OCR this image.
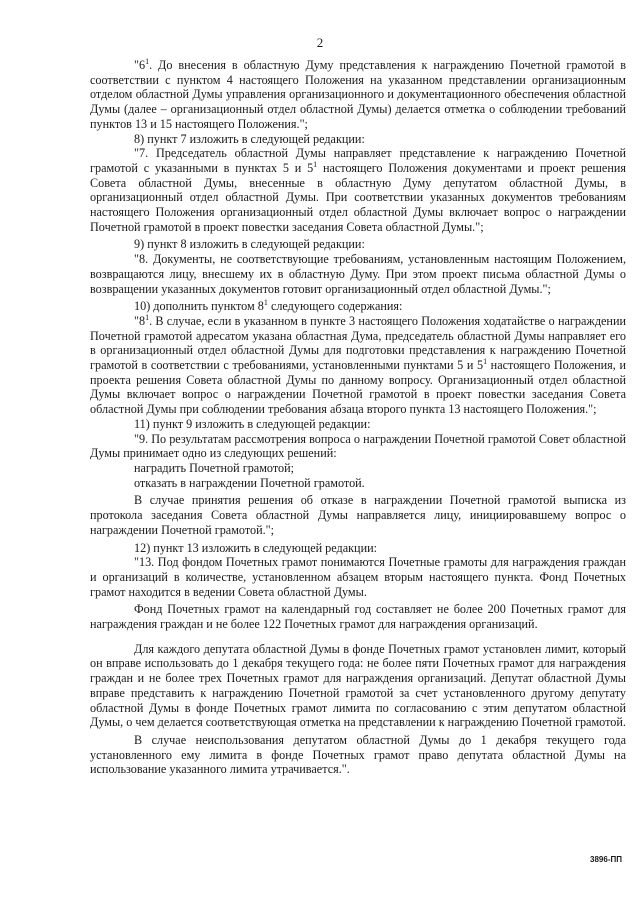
2

"$6^1$. До внесения в областную Думу представления к награждению Почетной грамотой в соответствии с пунктом 4 настоящего Положения на указанном представлении организационным отделом областной Думы управления организационного и документационного обеспечения областной Думы (далее – организационный отдел областной Думы) делается отметка о соблюдении требований пунктов 13 и 15 настоящего Положения.";

8) пункт 7 изложить в следующей редакции:

"7. Председатель областной Думы направляет представление к награждению Почетной грамотой с указанными в пунктах 5 и $5^1$ настоящего Положения документами и проект решения Совета областной Думы, внесенные в областную Думу депутатом областной Думы, в организационный отдел областной Думы. При соответствии указанных документов требованиям настоящего Положения организационный отдел областной Думы включает вопрос о награждении Почетной грамотой в проект повестки заседания Совета областной Думы.";

9) пункт 8 изложить в следующей редакции:

"8. Документы, не соответствующие требованиям, установленным настоящим Положением, возвращаются лицу, внесшему их в областную Думу. При этом проект письма областной Думы о возвращении указанных документов готовит организационный отдел областной Думы.";

10) дополнить пунктом $8^1$ следующего содержания:

"$8^1$. В случае, если в указанном в пункте 3 настоящего Положения ходатайстве о награждении Почетной грамотой адресатом указана областная Дума, председатель областной Думы направляет его в организационный отдел областной Думы для подготовки представления к награждению Почетной грамотой в соответствии с требованиями, установленными пунктами 5 и $5^1$ настоящего Положения, и проекта решения Совета областной Думы по данному вопросу. Организационный отдел областной Думы включает вопрос о награждении Почетной грамотой в проект повестки заседания Совета областной Думы при соблюдении требования абзаца второго пункта 13 настоящего Положения.";

11) пункт 9 изложить в следующей редакции:

"9. По результатам рассмотрения вопроса о награждении Почетной грамотой Совет областной Думы принимает одно из следующих решений:

наградить Почетной грамотой;

отказать в награждении Почетной грамотой.

В случае принятия решения об отказе в награждении Почетной грамотой выписка из протокола заседания Совета областной Думы направляется лицу, инициировавшему вопрос о награждении Почетной грамотой.";

12) пункт 13 изложить в следующей редакции:

"13. Под фондом Почетных грамот понимаются Почетные грамоты для награждения граждан и организаций в количестве, установленном абзацем вторым настоящего пункта. Фонд Почетных грамот находится в ведении Совета областной Думы.

Фонд Почетных грамот на календарный год составляет не более 200 Почетных грамот для награждения граждан и не более 122 Почетных грамот для награждения организаций.

Для каждого депутата областной Думы в фонде Почетных грамот установлен лимит, который он вправе использовать до 1 декабря текущего года: не более пяти Почетных грамот для награждения граждан и не более трех Почетных грамот для награждения организаций. Депутат областной Думы вправе представить к награждению Почетной грамотой за счет установленного другому депутату областной Думы в фонде Почетных грамот лимита по согласованию с этим депутатом областной Думы, о чем делается соответствующая отметка на представлении к награждению Почетной грамотой.

В случае неиспользования депутатом областной Думы до 1 декабря текущего года установленного ему лимита в фонде Почетных грамот право депутата областной Думы на использование указанного лимита утрачивается.".

3896-ПП
